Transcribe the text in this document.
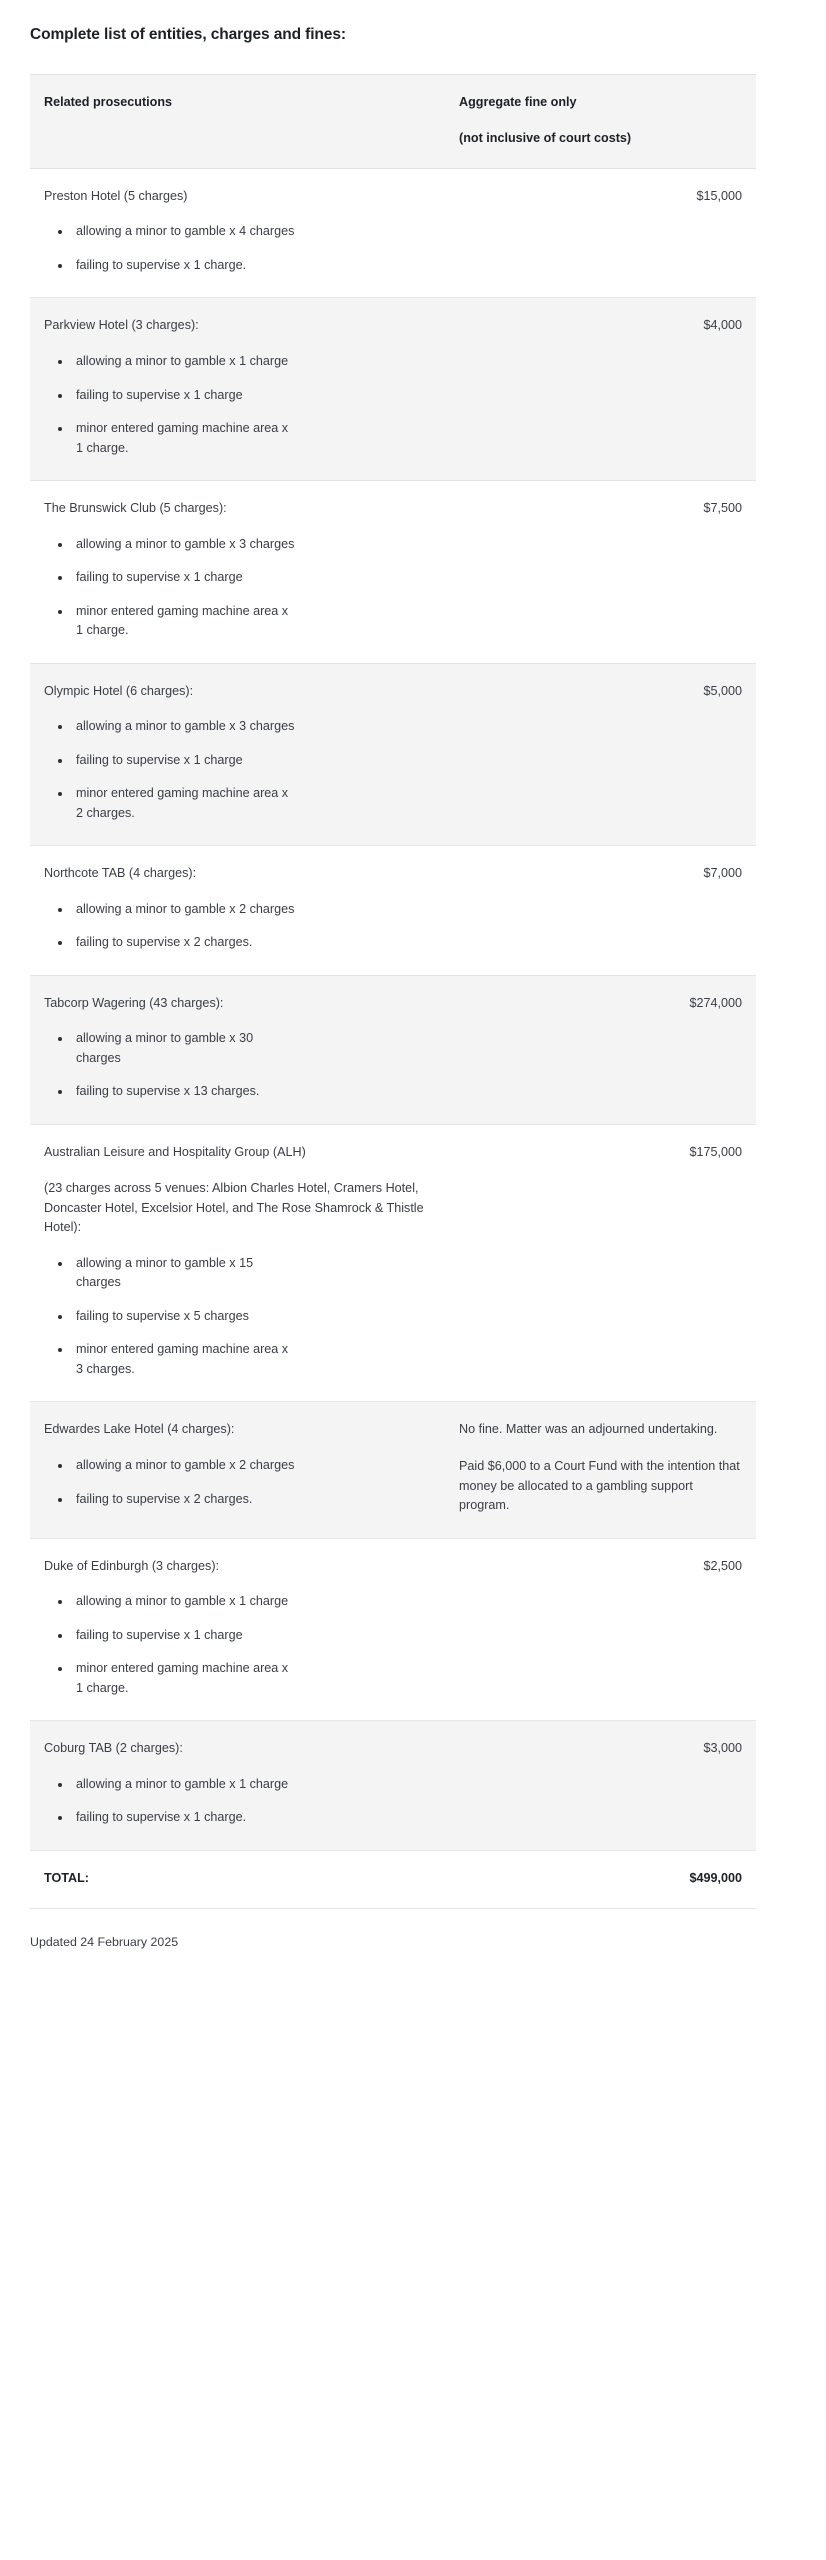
Complete list of entities, charges and fines:
Related prosecutions	Aggregate fine only
(not inclusive of court costs)

Preston Hotel (5 charges)
allowing a minor to gamble x 4 charges
failing to supervise x 1 charge.
	$15,000

Parkview Hotel (3 charges):
allowing a minor to gamble x 1 charge
failing to supervise x 1 charge
minor entered gaming machine area x 1 charge.
	$4,000

The Brunswick Club (5 charges):
allowing a minor to gamble x 3 charges
failing to supervise x 1 charge
minor entered gaming machine area x 1 charge.
	$7,500

Olympic Hotel (6 charges):
allowing a minor to gamble x 3 charges
failing to supervise x 1 charge
minor entered gaming machine area x 2 charges.
	$5,000

Northcote TAB (4 charges):
allowing a minor to gamble x 2 charges
failing to supervise x 2 charges.
	$7,000

Tabcorp Wagering (43 charges):
allowing a minor to gamble x 30 charges
failing to supervise x 13 charges.
	$274,000

Australian Leisure and Hospitality Group (ALH)
(23 charges across 5 venues: Albion Charles Hotel, Cramers Hotel, Doncaster Hotel, Excelsior Hotel, and The Rose Shamrock & Thistle Hotel):
allowing a minor to gamble x 15 charges
failing to supervise x 5 charges
minor entered gaming machine area x 3 charges.
	$175,000

Edwardes Lake Hotel (4 charges):
allowing a minor to gamble x 2 charges
failing to supervise x 2 charges.

No fine. Matter was an adjourned undertaking.

Paid $6,000 to a Court Fund with the intention that money be allocated to a gambling support program.

Duke of Edinburgh (3 charges):
allowing a minor to gamble x 1 charge
failing to supervise x 1 charge
minor entered gaming machine area x 1 charge.
	$2,500

Coburg TAB (2 charges):
allowing a minor to gamble x 1 charge
failing to supervise x 1 charge.
	$3,000
TOTAL:	$499,000
Updated 24 February 2025
